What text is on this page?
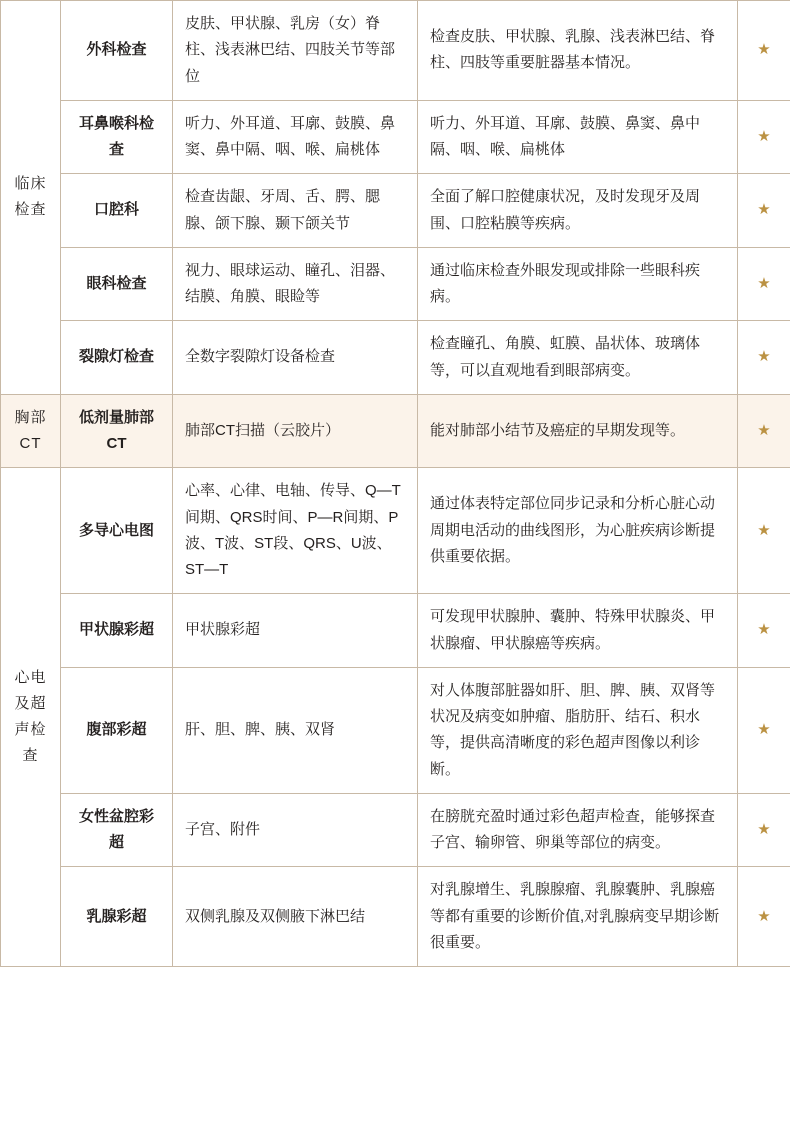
临床检查	外科检查	皮肤、甲状腺、乳房（女）脊柱、浅表淋巴结、四肢关节等部位	检查皮肤、甲状腺、乳腺、浅表淋巴结、脊柱、四肢等重要脏器基本情况。	★
	耳鼻喉科检查	听力、外耳道、耳廓、鼓膜、鼻窦、鼻中隔、咽、喉、扁桃体	听力、外耳道、耳廓、鼓膜、鼻窦、鼻中隔、咽、喉、扁桃体	★
	口腔科	检查齿龈、牙周、舌、腭、腮腺、颌下腺、颞下颌关节	全面了解口腔健康状况，及时发现牙及周围、口腔粘膜等疾病。	★
	眼科检查	视力、眼球运动、瞳孔、泪器、结膜、角膜、眼睑等	通过临床检查外眼发现或排除一些眼科疾病。	★
	裂隙灯检查	全数字裂隙灯设备检查	检查瞳孔、角膜、虹膜、晶状体、玻璃体等，可以直观地看到眼部病变。	★
胸部CT	低剂量肺部CT	肺部CT扫描（云胶片）	能对肺部小结节及癌症的早期发现等。	★
心电及超声检查	多导心电图	心率、心律、电轴、传导、Q—T间期、QRS时间、P—R间期、P波、T波、ST段、QRS、U波、ST—T	通过体表特定部位同步记录和分析心脏心动周期电活动的曲线图形，为心脏疾病诊断提供重要依据。	★
	甲状腺彩超	甲状腺彩超	可发现甲状腺肿、囊肿、特殊甲状腺炎、甲状腺瘤、甲状腺癌等疾病。	★
	腹部彩超	肝、胆、脾、胰、双肾	对人体腹部脏器如肝、胆、脾、胰、双肾等状况及病变如肿瘤、脂肪肝、结石、积水等，提供高清晰度的彩色超声图像以利诊断。	★
	女性盆腔彩超	子宫、附件	在膀胱充盈时通过彩色超声检查，能够探查子宫、输卵管、卵巢等部位的病变。	★
	乳腺彩超	双侧乳腺及双侧腋下淋巴结	对乳腺增生、乳腺腺瘤、乳腺囊肿、乳腺癌等都有重要的诊断价值,对乳腺病变早期诊断很重要。	★
